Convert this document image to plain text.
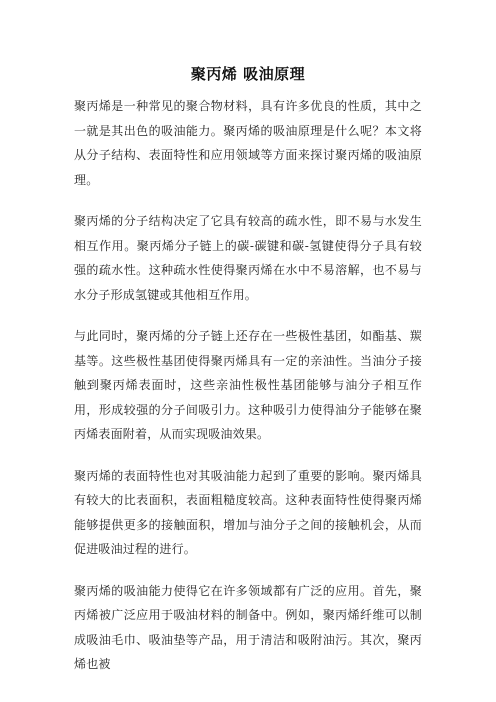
聚丙烯 吸油原理

聚丙烯是一种常见的聚合物材料，具有许多优良的性质，其中之一就是其出色的吸油能力。聚丙烯的吸油原理是什么呢？本文将从分子结构、表面特性和应用领域等方面来探讨聚丙烯的吸油原理。

聚丙烯的分子结构决定了它具有较高的疏水性，即不易与水发生相互作用。聚丙烯分子链上的碳-碳键和碳-氢键使得分子具有较强的疏水性。这种疏水性使得聚丙烯在水中不易溶解，也不易与水分子形成氢键或其他相互作用。

与此同时，聚丙烯的分子链上还存在一些极性基团，如酯基、羰基等。这些极性基团使得聚丙烯具有一定的亲油性。当油分子接触到聚丙烯表面时，这些亲油性极性基团能够与油分子相互作用，形成较强的分子间吸引力。这种吸引力使得油分子能够在聚丙烯表面附着，从而实现吸油效果。

聚丙烯的表面特性也对其吸油能力起到了重要的影响。聚丙烯具有较大的比表面积，表面粗糙度较高。这种表面特性使得聚丙烯能够提供更多的接触面积，增加与油分子之间的接触机会，从而促进吸油过程的进行。

聚丙烯的吸油能力使得它在许多领域都有广泛的应用。首先，聚丙烯被广泛应用于吸油材料的制备中。例如，聚丙烯纤维可以制成吸油毛巾、吸油垫等产品，用于清洁和吸附油污。其次，聚丙烯也被
